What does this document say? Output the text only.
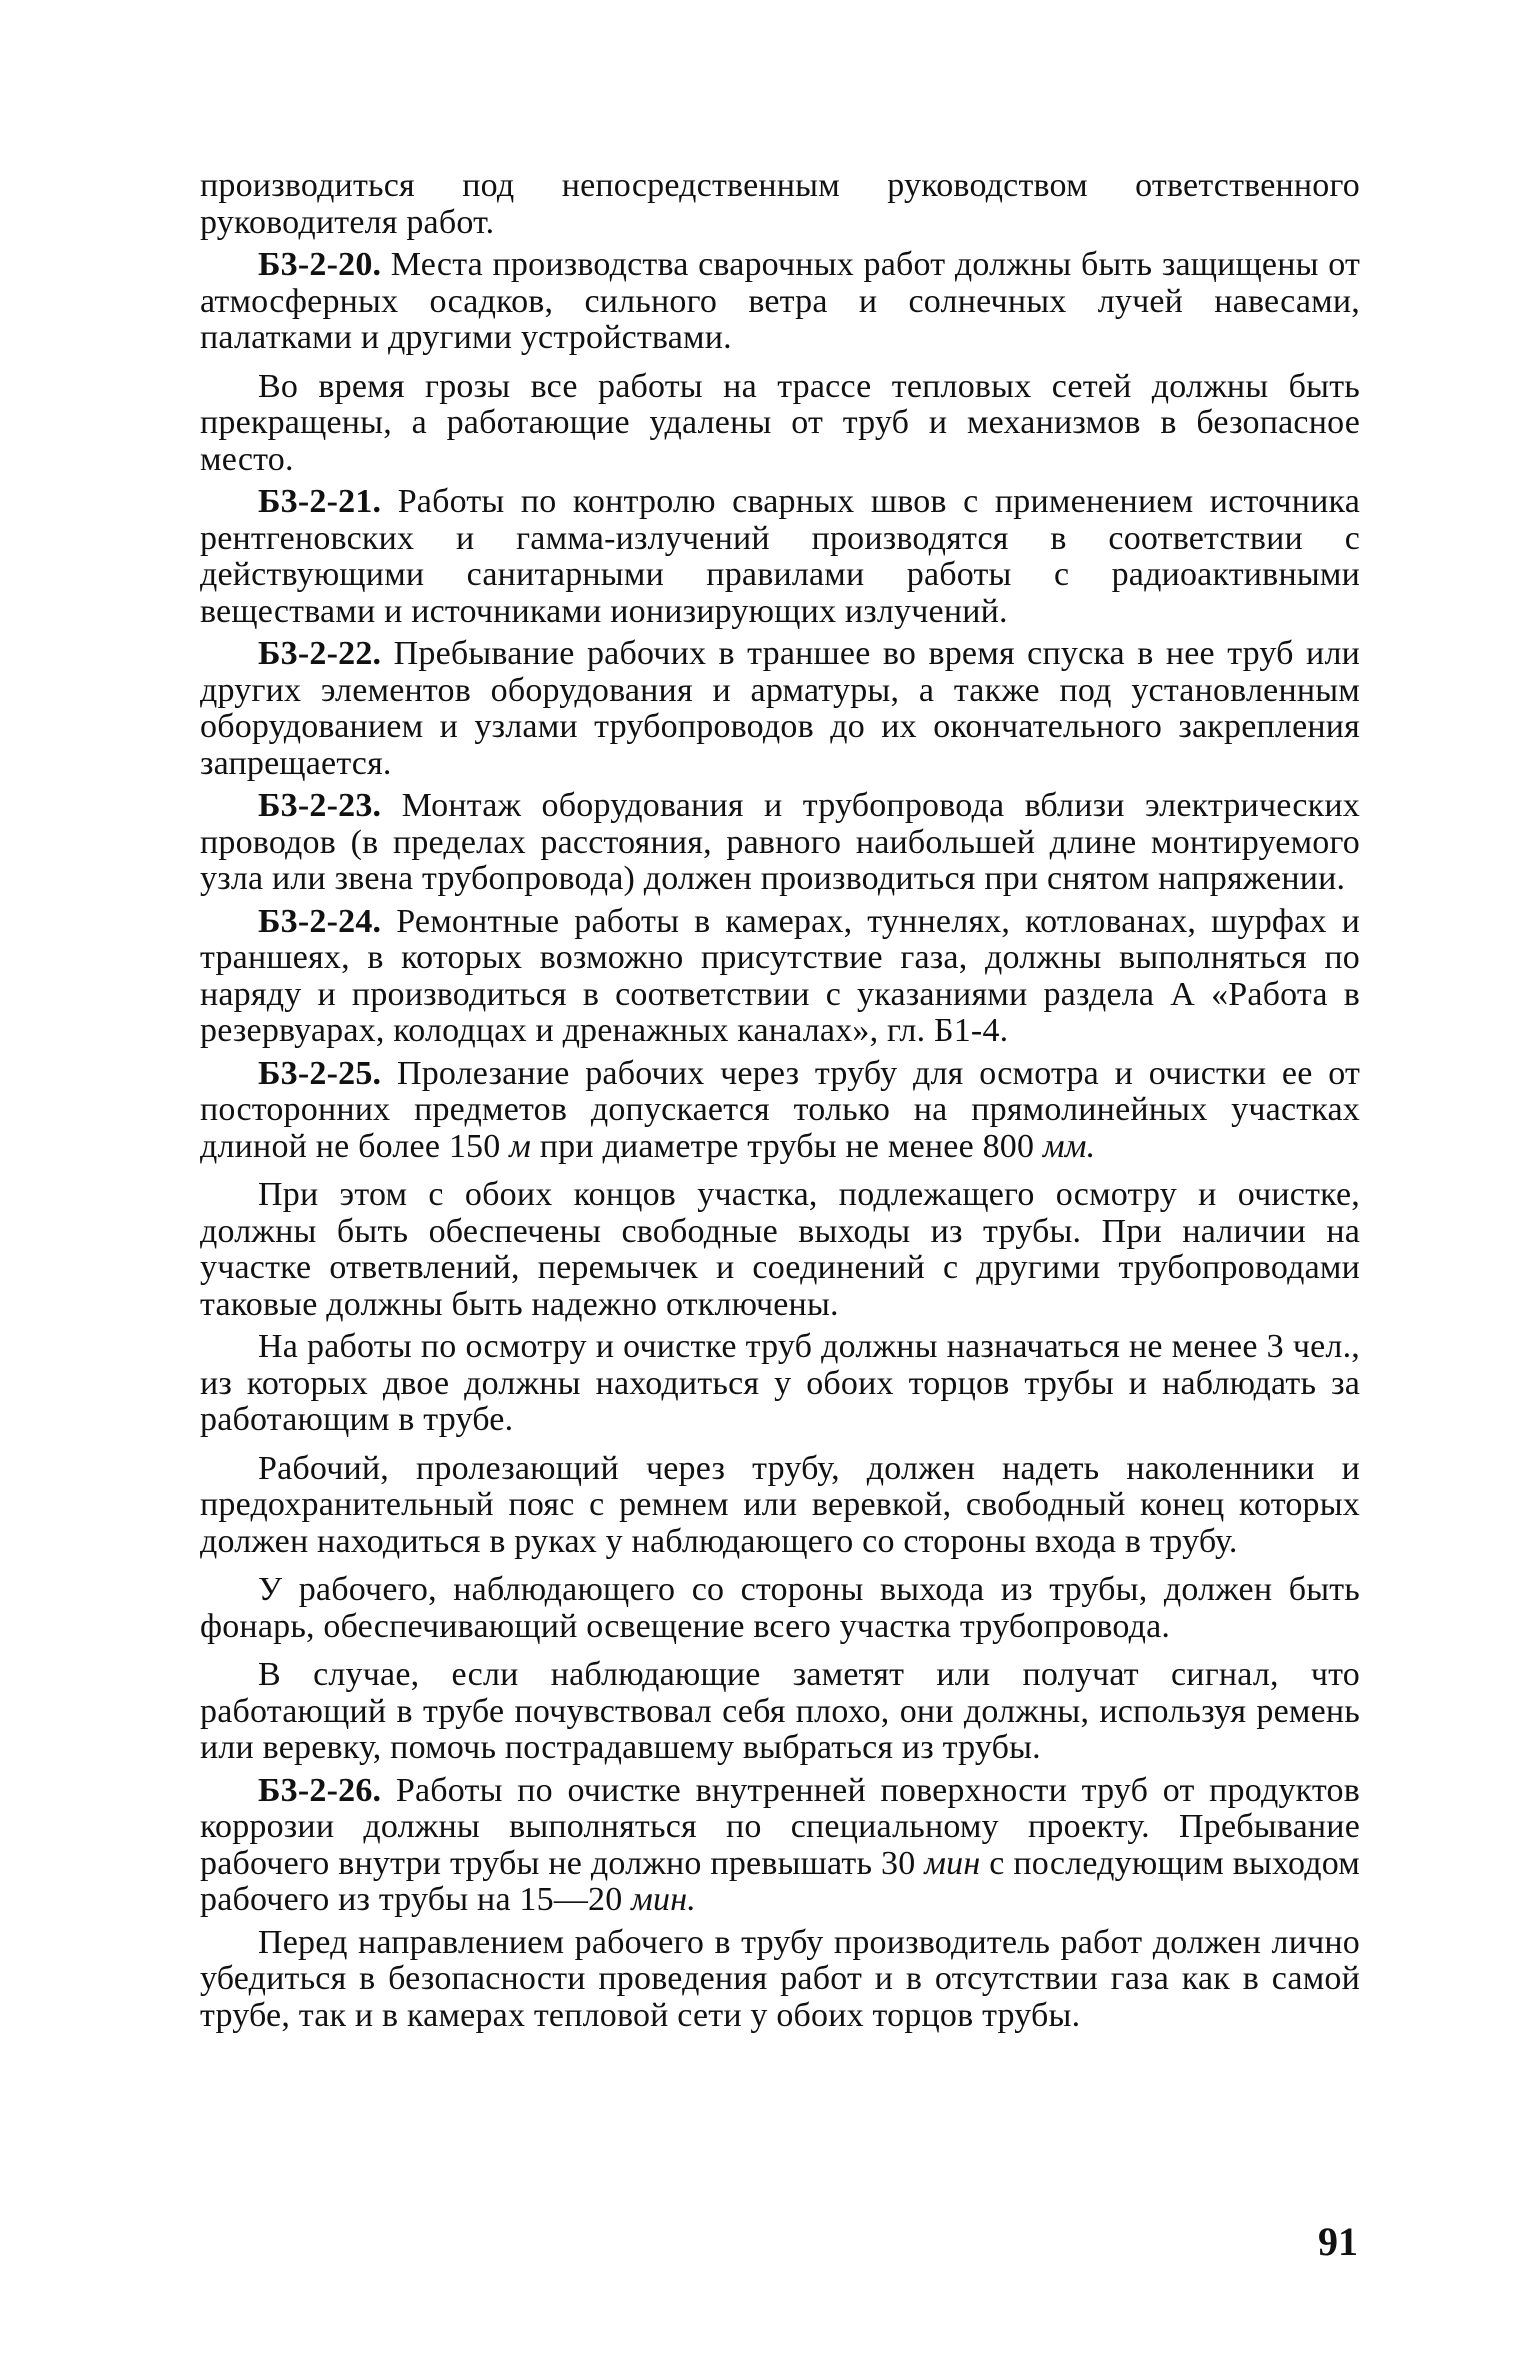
производиться под непосредственным руководством ответственного руководителя работ.

Б3-2-20. Места производства сварочных работ должны быть защищены от атмосферных осадков, сильного ветра и солнечных лучей навесами, палатками и другими устройствами.

Во время грозы все работы на трассе тепловых сетей должны быть прекращены, а работающие удалены от труб и механизмов в безопасное место.

Б3-2-21. Работы по контролю сварных швов с применением источника рентгеновских и гамма-излучений производятся в соответствии с действующими санитарными правилами работы с радиоактивными веществами и источниками ионизирующих излучений.

Б3-2-22. Пребывание рабочих в траншее во время спуска в нее труб или других элементов оборудования и арматуры, а также под установленным оборудованием и узлами трубопроводов до их окончательного закрепления запрещается.

Б3-2-23. Монтаж оборудования и трубопровода вблизи электрических проводов (в пределах расстояния, равного наибольшей длине монтируемого узла или звена трубопровода) должен производиться при снятом напряжении.

Б3-2-24. Ремонтные работы в камерах, туннелях, котлованах, шурфах и траншеях, в которых возможно присутствие газа, должны выполняться по наряду и производиться в соответствии с указаниями раздела А «Работа в резервуарах, колодцах и дренажных каналах», гл. Б1-4.

Б3-2-25. Пролезание рабочих через трубу для осмотра и очистки ее от посторонних предметов допускается только на прямолинейных участках длиной не более 150 м при диаметре трубы не менее 800 мм.

При этом с обоих концов участка, подлежащего осмотру и очистке, должны быть обеспечены свободные выходы из трубы. При наличии на участке ответвлений, перемычек и соединений с другими трубопроводами таковые должны быть надежно отключены.

На работы по осмотру и очистке труб должны назначаться не менее 3 чел., из которых двое должны находиться у обоих торцов трубы и наблюдать за работающим в трубе.

Рабочий, пролезающий через трубу, должен надеть наколенники и предохранительный пояс с ремнем или веревкой, свободный конец которых должен находиться в руках у наблюдающего со стороны входа в трубу.

У рабочего, наблюдающего со стороны выхода из трубы, должен быть фонарь, обеспечивающий освещение всего участка трубопровода.

В случае, если наблюдающие заметят или получат сигнал, что работающий в трубе почувствовал себя плохо, они должны, используя ремень или веревку, помочь пострадавшему выбраться из трубы.

Б3-2-26. Работы по очистке внутренней поверхности труб от продуктов коррозии должны выполняться по специальному проекту. Пребывание рабочего внутри трубы не должно превышать 30 мин с последующим выходом рабочего из трубы на 15—20 мин.

Перед направлением рабочего в трубу производитель работ должен лично убедиться в безопасности проведения работ и в отсутствии газа как в самой трубе, так и в камерах тепловой сети у обоих торцов трубы.

91
